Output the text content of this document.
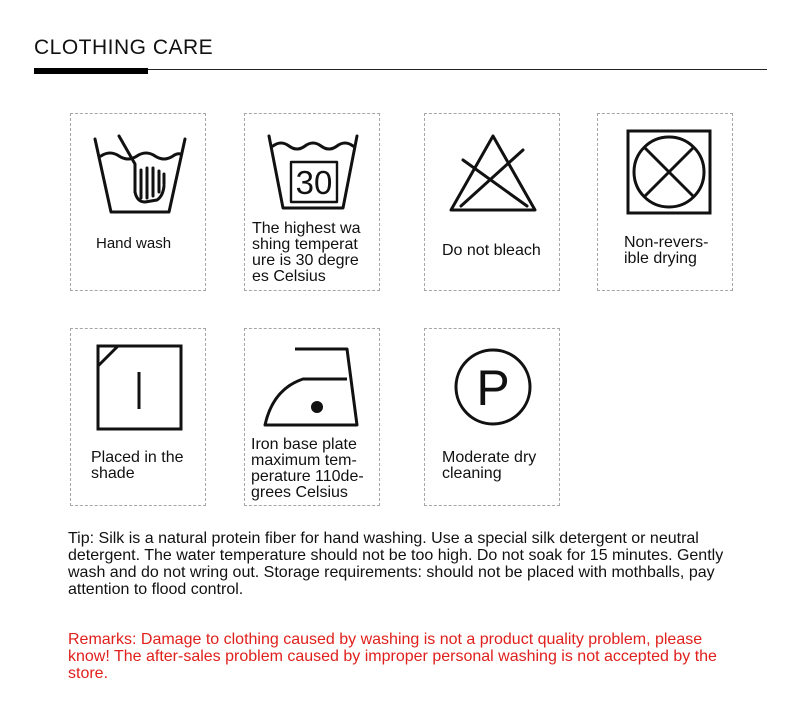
CLOTHING CARE
Hand wash
30
The highest wa
shing temperat
ure is 30 degre
es Celsius
Do not bleach	Non-revers-
ible drying
Placed in the
shade
Iron base plate
maximum tem-
perature 110de-
grees Celsius
P
Moderate dry
cleaning
Tip: Silk is a natural protein fiber for hand washing. Use a special silk detergent or neutral detergent. The water temperature should not be too high. Do not soak for 15 minutes. Gently wash and do not wring out. Storage requirements: should not be placed with mothballs, pay attention to flood control.
Remarks: Damage to clothing caused by washing is not a product quality problem, please know! The after-sales problem caused by improper personal washing is not accepted by the store.
